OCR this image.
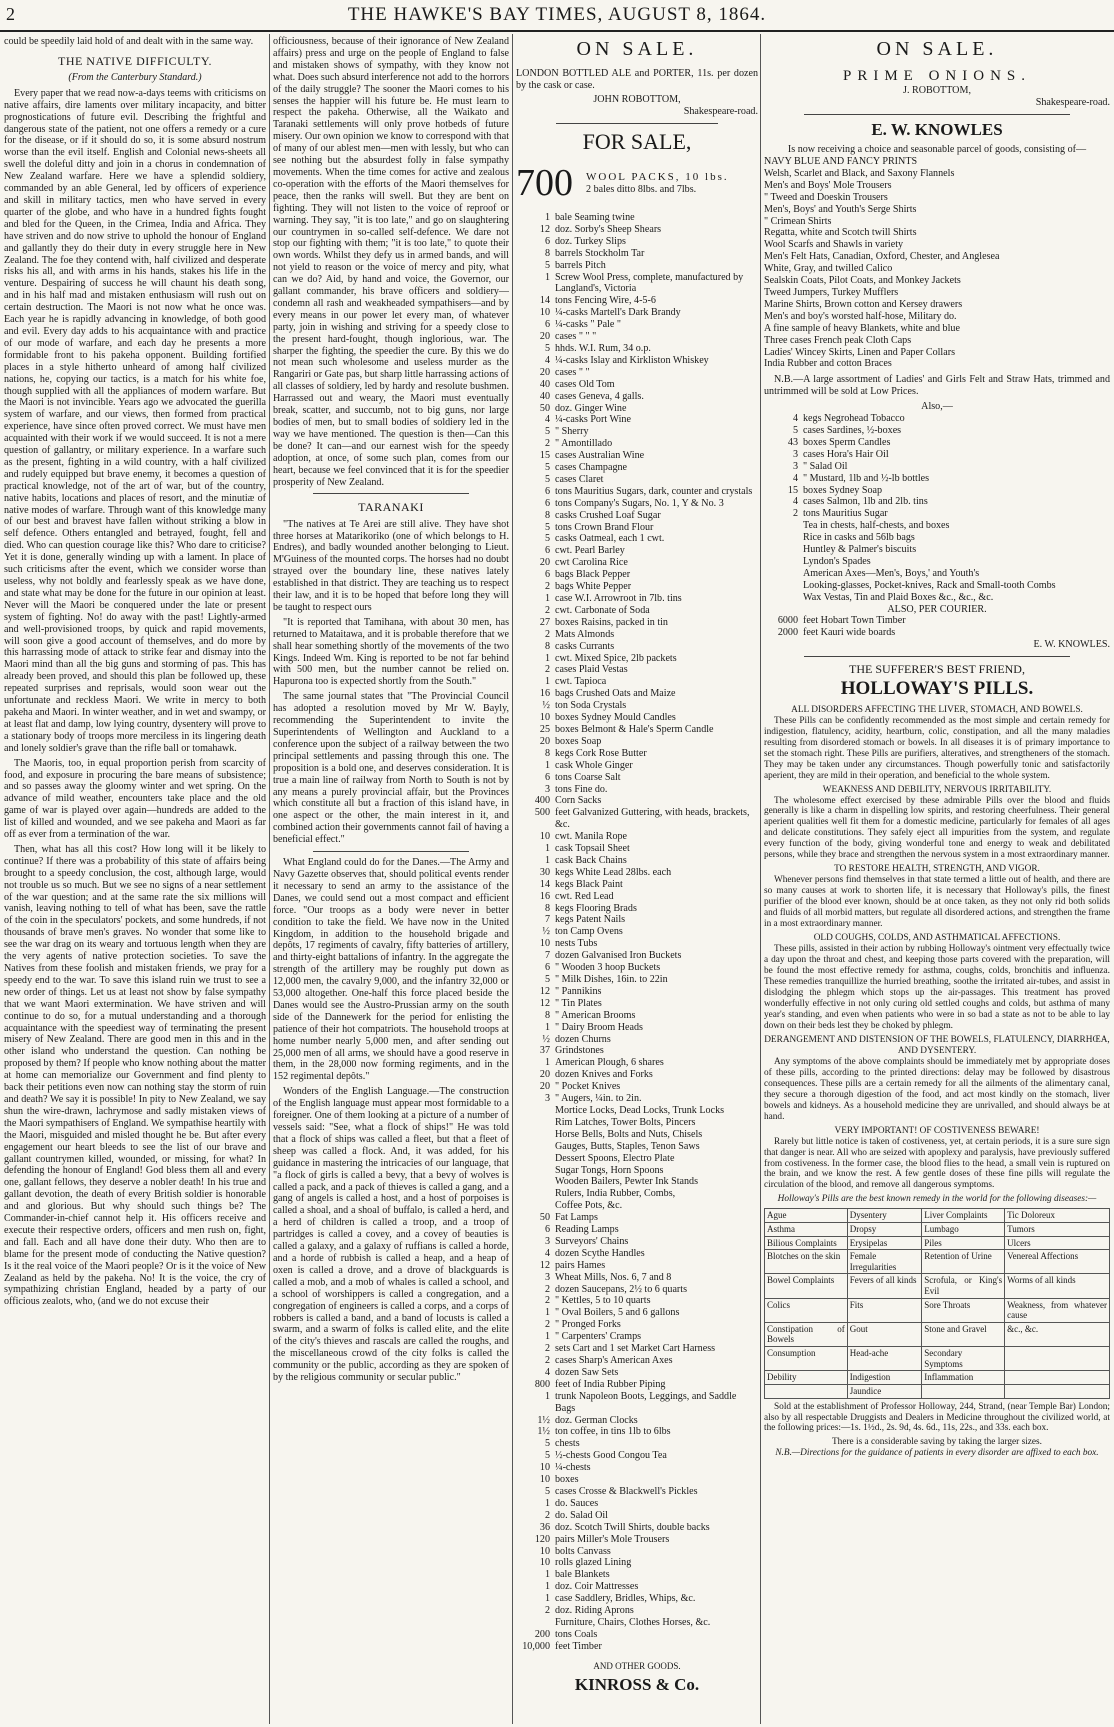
2	THE HAWKE'S BAY TIMES, AUGUST 8, 1864.

could be speedily laid hold of and dealt with in the same way.

THE NATIVE DIFFICULTY.
(From the Canterbury Standard.)

Every paper that we read now-a-days teems with criticisms on native affairs, dire laments over military incapacity, and bitter prognostications of future evil. Describing the frightful and dangerous state of the patient, not one offers a remedy or a cure for the disease, or if it should do so, it is some absurd nostrum worse than the evil itself. English and Colonial news-sheets all swell the doleful ditty and join in a chorus in condemnation of New Zealand warfare. Here we have a splendid soldiery, commanded by an able General, led by officers of experience and skill in military tactics, men who have served in every quarter of the globe, and who have in a hundred fights fought and bled for the Queen, in the Crimea, India and Africa. They have striven and do now strive to uphold the honour of England and gallantly they do their duty in every struggle here in New Zealand. The foe they contend with, half civilized and desperate risks his all, and with arms in his hands, stakes his life in the venture. Despairing of success he will chaunt his death song, and in his half mad and mistaken enthusiasm will rush out on certain destruction. The Maori is not now what he once was. Each year he is rapidly advancing in knowledge, of both good and evil. Every day adds to his acquaintance with and practice of our mode of warfare, and each day he presents a more formidable front to his pakeha opponent. Building fortified places in a style hitherto unheard of among half civilized nations, he, copying our tactics, is a match for his white foe, though supplied with all the appliances of modern warfare. But the Maori is not invincible. Years ago we advocated the guerilla system of warfare, and our views, then formed from practical experience, have since often proved correct. We must have men acquainted with their work if we would succeed. It is not a mere question of gallantry, or military experience. In a warfare such as the present, fighting in a wild country, with a half civilized and rudely equipped but brave enemy, it becomes a question of practical knowledge, not of the art of war, but of the country, native habits, locations and places of resort, and the minutiæ of native modes of warfare. Through want of this knowledge many of our best and bravest have fallen without striking a blow in self defence. Others entangled and betrayed, fought, fell and died. Who can question courage like this? Who dare to criticise? Yet it is done, generally winding up with a lament. In place of such criticisms after the event, which we consider worse than useless, why not boldly and fearlessly speak as we have done, and state what may be done for the future in our opinion at least. Never will the Maori be conquered under the late or present system of fighting. No! do away with the past! Lightly-armed and well-provisioned troops, by quick and rapid movements, will soon give a good account of themselves, and do more by this harrassing mode of attack to strike fear and dismay into the Maori mind than all the big guns and storming of pas. This has already been proved, and should this plan be followed up, these repeated surprises and reprisals, would soon wear out the unfortunate and reckless Maori. We write in mercy to both pakeha and Maori. In winter weather, and in wet and swampy, or at least flat and damp, low lying country, dysentery will prove to a stationary body of troops more merciless in its lingering death and lonely soldier's grave than the rifle ball or tomahawk.

The Maoris, too, in equal proportion perish from scarcity of food, and exposure in procuring the bare means of subsistence; and so passes away the gloomy winter and wet spring. On the advance of mild weather, encounters take place and the old game of war is played over again—hundreds are added to the list of killed and wounded, and we see pakeha and Maori as far off as ever from a termination of the war.

Then, what has all this cost? How long will it be likely to continue? If there was a probability of this state of affairs being brought to a speedy conclusion, the cost, although large, would not trouble us so much. But we see no signs of a near settlement of the war question; and at the same rate the six millions will vanish, leaving nothing to tell of what has been, save the rattle of the coin in the speculators' pockets, and some hundreds, if not thousands of brave men's graves. No wonder that some like to see the war drag on its weary and tortuous length when they are the very agents of native protection societies. To save the Natives from these foolish and mistaken friends, we pray for a speedy end to the war. To save this island ruin we trust to see a new order of things. Let us at least not show by false sympathy that we want Maori extermination. We have striven and will continue to do so, for a mutual understanding and a thorough acquaintance with the speediest way of terminating the present misery of New Zealand. There are good men in this and in the other island who understand the question. Can nothing be proposed by them? If people who know nothing about the matter at home can memorialize our Government and find plenty to back their petitions even now can nothing stay the storm of ruin and death? We say it is possible! In pity to New Zealand, we say shun the wire-drawn, lachrymose and sadly mistaken views of the Maori sympathisers of England. We sympathise heartily with the Maori, misguided and misled thought he be. But after every engagement our heart bleeds to see the list of our brave and gallant countrymen killed, wounded, or missing, for what? In defending the honour of England! God bless them all and every one, gallant fellows, they deserve a nobler death! In his true and gallant devotion, the death of every British soldier is honorable and and glorious. But why should such things be? The Commander-in-chief cannot help it. His officers receive and execute their respective orders, officers and men rush on, fight, and fall. Each and all have done their duty. Who then are to blame for the present mode of conducting the Native question? Is it the real voice of the Maori people? Or is it the voice of New Zealand as held by the pakeha. No! It is the voice, the cry of sympathizing christian England, headed by a party of our officious zealots, who, (and we do not excuse their

officiousness, because of their ignorance of New Zealand affairs) press and urge on the people of England to false and mistaken shows of sympathy, with they know not what. Does such absurd interference not add to the horrors of the daily struggle? The sooner the Maori comes to his senses the happier will his future be. He must learn to respect the pakeha. Otherwise, all the Waikato and Taranaki settlements will only prove hotbeds of future misery. Our own opinion we know to correspond with that of many of our ablest men—men with lessly, but who can see nothing but the absurdest folly in false sympathy movements. When the time comes for active and zealous co-operation with the efforts of the Maori themselves for peace, then the ranks will swell. But they are bent on fighting. They will not listen to the voice of reproof or warning. They say, "it is too late," and go on slaughtering our countrymen in so-called self-defence. We dare not stop our fighting with them; "it is too late," to quote their own words. Whilst they defy us in armed bands, and will not yield to reason or the voice of mercy and pity, what can we do? Aid, by hand and voice, the Governor, our gallant commander, his brave officers and soldiery—condemn all rash and weakheaded sympathisers—and by every means in our power let every man, of whatever party, join in wishing and striving for a speedy close to the present hard-fought, though inglorious, war. The sharper the fighting, the speedier the cure. By this we do not mean such wholesome and useless murder as the Rangariri or Gate pas, but sharp little harrassing actions of all classes of soldiery, led by hardy and resolute bushmen. Harrassed out and weary, the Maori must eventually break, scatter, and succumb, not to big guns, nor large bodies of men, but to small bodies of soldiery led in the way we have mentioned. The question is then—Can this be done? It can—and our earnest wish for the speedy adoption, at once, of some such plan, comes from our heart, because we feel convinced that it is for the speedier prosperity of New Zealand.

TARANAKI

"The natives at Te Arei are still alive. They have shot three horses at Matarikoriko (one of which belongs to H. Endres), and badly wounded another belonging to Lieut. M'Guiness of the mounted corps. The horses had no doubt strayed over the boundary line, these natives lately established in that district. They are teaching us to respect their law, and it is to be hoped that before long they will be taught to respect ours

"It is reported that Tamihana, with about 30 men, has returned to Mataitawa, and it is probable therefore that we shall hear something shortly of the movements of the two Kings. Indeed Wm. King is reported to be not far behind with 500 men, but the number cannot be relied on. Hapurona too is expected shortly from the South."

The same journal states that "The Provincial Council has adopted a resolution moved by Mr W. Bayly, recommending the Superintendent to invite the Superintendents of Wellington and Auckland to a conference upon the subject of a railway between the two principal settlements and passing through this one. The proposition is a bold one, and deserves consideration. It is true a main line of railway from North to South is not by any means a purely provincial affair, but the Provinces which constitute all but a fraction of this island have, in one aspect or the other, the main interest in it, and combined action their governments cannot fail of having a beneficial effect."

What England could do for the Danes.—The Army and Navy Gazette observes that, should political events render it necessary to send an army to the assistance of the Danes, we could send out a most compact and efficient force. "Our troops as a body were never in better condition to take the field. We have now in the United Kingdom, in addition to the household brigade and depôts, 17 regiments of cavalry, fifty batteries of artillery, and thirty-eight battalions of infantry. In the aggregate the strength of the artillery may be roughly put down as 12,000 men, the cavalry 9,000, and the infantry 32,000 or 53,000 altogether. One-half this force placed beside the Danes would see the Austro-Prussian army on the south side of the Dannewerk for the period for enlisting the patience of their hot compatriots. The household troops at home number nearly 5,000 men, and after sending out 25,000 men of all arms, we should have a good reserve in them, in the 28,000 now forming regiments, and in the 152 regimental depôts."

Wonders of the English Language.—The construction of the English language must appear most formidable to a foreigner. One of them looking at a picture of a number of vessels said: "See, what a flock of ships!" He was told that a flock of ships was called a fleet, but that a fleet of sheep was called a flock. And, it was added, for his guidance in mastering the intricacies of our language, that "a flock of girls is called a bevy, that a bevy of wolves is called a pack, and a pack of thieves is called a gang, and a gang of angels is called a host, and a host of porpoises is called a shoal, and a shoal of buffalo, is called a herd, and a herd of children is called a troop, and a troop of partridges is called a covey, and a covey of beauties is called a galaxy, and a galaxy of ruffians is called a horde, and a horde of rubbish is called a heap, and a heap of oxen is called a drove, and a drove of blackguards is called a mob, and a mob of whales is called a school, and a school of worshippers is called a congregation, and a congregation of engineers is called a corps, and a corps of robbers is called a band, and a band of locusts is called a swarm, and a swarm of folks is called elite, and the elite of the city's thieves and rascals are called the roughs, and the miscellaneous crowd of the city folks is called the community or the public, according as they are spoken of by the religious community or secular public."

ON SALE.

LONDON BOTTLED ALE and PORTER, 11s. per dozen by the cask or case.

JOHN ROBOTTOM,
Shakespeare-road.
FOR SALE,
700	WOOL PACKS, 10 lbs.
2 bales ditto 8lbs. and 7lbs.
1 bale Seaming twine
12 doz. Sorby's Sheep Shears
6 doz. Turkey Slips
8 barrels Stockholm Tar
5 barrels Pitch
1 Screw Wool Press, complete, manufactured by Langland's, Victoria
14 tons Fencing Wire, 4-5-6
10 ¼-casks Martell's Dark Brandy
6 ¼-casks " Pale "
20 cases " " "
5 hhds. W.I. Rum, 34 o.p.
4 ¼-casks Islay and Kirkliston Whiskey
20 cases " "
40 cases Old Tom
40 cases Geneva, 4 galls.
50 doz. Ginger Wine
4 ¼-casks Port Wine
5 " Sherry
2 " Amontillado
15 cases Australian Wine
5 cases Champagne
5 cases Claret
6 tons Mauritius Sugars, dark, counter and crystals
6 tons Company's Sugars, No. 1, Y & No. 3
8 casks Crushed Loaf Sugar
5 tons Crown Brand Flour
5 casks Oatmeal, each 1 cwt.
6 cwt. Pearl Barley
20 cwt Carolina Rice
6 bags Black Pepper
2 bags White Pepper
1 case W.I. Arrowroot in 7lb. tins
2 cwt. Carbonate of Soda
27 boxes Raisins, packed in tin
2 Mats Almonds
8 casks Currants
1 cwt. Mixed Spice, 2lb packets
2 cases Plaid Vestas
1 cwt. Tapioca
16 bags Crushed Oats and Maize
½ ton Soda Crystals
10 boxes Sydney Mould Candles
25 boxes Belmont & Hale's Sperm Candle
20 boxes Soap
8 kegs Cork Rose Butter
1 cask Whole Ginger
6 tons Coarse Salt
3 tons Fine do.
400 Corn Sacks
500 feet Galvanized Guttering, with heads, brackets, &c.
10 cwt. Manila Rope
1 cask Topsail Sheet
1 cask Back Chains
30 kegs White Lead 28lbs. each
14 kegs Black Paint
16 cwt. Red Lead
8 kegs Flooring Brads
7 kegs Patent Nails
½ ton Camp Ovens
10 nests Tubs
7 dozen Galvanised Iron Buckets
6 " Wooden 3 hoop Buckets
5 " Milk Dishes, 16in. to 22in
12 " Pannikins
12 " Tin Plates
8 " American Brooms
1 " Dairy Broom Heads
½ dozen Churns
37 Grindstones
1 American Plough, 6 shares
20 dozen Knives and Forks
20 " Pocket Knives
3 " Augers, ¼in. to 2in.
Mortice Locks, Dead Locks, Trunk Locks
Rim Latches, Tower Bolts, Pincers
Horse Bells, Bolts and Nuts, Chisels
Gauges, Butts, Staples, Tenon Saws
Dessert Spoons, Electro Plate
Sugar Tongs, Horn Spoons
Wooden Bailers, Pewter Ink Stands
Rulers, India Rubber, Combs,
Coffee Pots, &c.
50 Fat Lamps
6 Reading Lamps
3 Surveyors' Chains
4 dozen Scythe Handles
12 pairs Hames
3 Wheat Mills, Nos. 6, 7 and 8
2 dozen Saucepans, 2½ to 6 quarts
2 " Kettles, 5 to 10 quarts
1 " Oval Boilers, 5 and 6 gallons
2 " Pronged Forks
1 " Carpenters' Cramps
2 sets Cart and 1 set Market Cart Harness
2 cases Sharp's American Axes
4 dozen Saw Sets
800 feet of India Rubber Piping
1 trunk Napoleon Boots, Leggings, and Saddle Bags
1½ doz. German Clocks
1½ ton coffee, in tins 1lb to 6lbs
5 chests
5 ½-chests Good Congou Tea
10 ¼-chests
10 boxes
5 cases Crosse & Blackwell's Pickles
1 do. Sauces
2 do. Salad Oil
36 doz. Scotch Twill Shirts, double backs
120 pairs Miller's Mole Trousers
10 bolts Canvass
10 rolls glazed Lining
1 bale Blankets
1 doz. Coir Mattresses
1 case Saddlery, Bridles, Whips, &c.
2 doz. Riding Aprons
Furniture, Chairs, Clothes Horses, &c.
200 tons Coals
10,000 feet Timber
AND OTHER GOODS.
KINROSS & Co.
ON SALE.
PRIME ONIONS.
J. ROBOTTOM,
Shakespeare-road.
E. W. KNOWLES
Is now receiving a choice and seasonable parcel of goods, consisting of—
NAVY BLUE AND FANCY PRINTS
Welsh, Scarlet and Black, and Saxony Flannels
Men's and Boys' Mole Trousers
" Tweed and Doeskin Trousers
Men's, Boys' and Youth's Serge Shirts
" Crimean Shirts
Regatta, white and Scotch twill Shirts
Wool Scarfs and Shawls in variety
Men's Felt Hats, Canadian, Oxford, Chester, and Anglesea
White, Gray, and twilled Calico
Sealskin Coats, Pilot Coats, and Monkey Jackets
Tweed Jumpers, Turkey Mufflers
Marine Shirts, Brown cotton and Kersey drawers
Men's and boy's worsted half-hose, Military do.
A fine sample of heavy Blankets, white and blue
Three cases French peak Cloth Caps
Ladies' Wincey Skirts, Linen and Paper Collars
India Rubber and cotton Braces

N.B.—A large assortment of Ladies' and Girls Felt and Straw Hats, trimmed and untrimmed will be sold at Low Prices.

Also,—
4 kegs Negrohead Tobacco
5 cases Sardines, ½-boxes
43 boxes Sperm Candles
3 cases Hora's Hair Oil
3 " Salad Oil
4 " Mustard, 1lb and ½-lb bottles
15 boxes Sydney Soap
4 cases Salmon, 1lb and 2lb. tins
2 tons Mauritius Sugar
Tea in chests, half-chests, and boxes
Rice in casks and 56lb bags
Huntley & Palmer's biscuits
Lyndon's Spades
American Axes—Men's, Boys,' and Youth's
Looking-glasses, Pocket-knives, Rack and Small-tooth Combs
Wax Vestas, Tin and Plaid Boxes &c., &c., &c.
ALSO, PER COURIER.
6000 feet Hobart Town Timber
2000 feet Kauri wide boards
E. W. KNOWLES.
THE SUFFERER'S BEST FRIEND,
HOLLOWAY'S PILLS.
ALL DISORDERS AFFECTING THE LIVER, STOMACH, AND BOWELS.

These Pills can be confidently recommended as the most simple and certain remedy for indigestion, flatulency, acidity, heartburn, colic, constipation, and all the many maladies resulting from disordered stomach or bowels. In all diseases it is of primary importance to set the stomach right. These Pills are purifiers, alteratives, and strengtheners of the stomach. They may be taken under any circumstances. Though powerfully tonic and satisfactorily aperient, they are mild in their operation, and beneficial to the whole system.

WEAKNESS AND DEBILITY, NERVOUS IRRITABILITY.

The wholesome effect exercised by these admirable Pills over the blood and fluids generally is like a charm in dispelling low spirits, and restoring cheerfulness. Their general aperient qualities well fit them for a domestic medicine, particularly for females of all ages and delicate constitutions. They safely eject all impurities from the system, and regulate every function of the body, giving wonderful tone and energy to weak and debilitated persons, while they brace and strengthen the nervous system in a most extraordinary manner.

TO RESTORE HEALTH, STRENGTH, AND VIGOR.

Whenever persons find themselves in that state termed a little out of health, and there are so many causes at work to shorten life, it is necessary that Holloway's pills, the finest purifier of the blood ever known, should be at once taken, as they not only rid both solids and fluids of all morbid matters, but regulate all disordered actions, and strengthen the frame in a most extraordinary manner.

OLD COUGHS, COLDS, AND ASTHMATICAL AFFECTIONS.

These pills, assisted in their action by rubbing Holloway's ointment very effectually twice a day upon the throat and chest, and keeping those parts covered with the preparation, will be found the most effective remedy for asthma, coughs, colds, bronchitis and influenza. These remedies tranquillize the hurried breathing, soothe the irritated air-tubes, and assist in dislodging the phlegm which stops up the air-passages. This treatment has proved wonderfully effective in not only curing old settled coughs and colds, but asthma of many year's standing, and even when patients who were in so bad a state as not to be able to lay down on their beds lest they be choked by phlegm.

DERANGEMENT AND DISTENSION OF THE BOWELS, FLATULENCY, DIARRHŒA, AND DYSENTERY.

Any symptoms of the above complaints should be immediately met by appropriate doses of these pills, according to the printed directions: delay may be followed by disastrous consequences. These pills are a certain remedy for all the ailments of the alimentary canal, they secure a thorough digestion of the food, and act most kindly on the stomach, liver bowels and kidneys. As a household medicine they are unrivalled, and should always be at hand.

VERY IMPORTANT! OF COSTIVENESS BEWARE!

Rarely but little notice is taken of costiveness, yet, at certain periods, it is a sure sure sign that danger is near. All who are seized with apoplexy and paralysis, have previously suffered from costiveness. In the former case, the blood flies to the head, a small vein is ruptured on the brain, and we know the rest. A few gentle doses of these fine pills will regulate the circulation of the blood, and remove all dangerous symptoms.

Holloway's Pills are the best known remedy in the world for the following diseases:—
Ague	Dysentery	Liver Complaints	Tic Doloreux
Asthma	Dropsy	Lumbago	Tumors
Bilious Complaints	Erysipelas	Piles	Ulcers
Blotches on the skin	Female Irregularities	Retention of Urine	Venereal Affections
Bowel Complaints	Fevers of all kinds	Scrofula, or King's Evil	Worms of all kinds
Colics	Fits	Sore Throats	Weakness, from whatever cause
Constipation of Bowels	Gout	Stone and Gravel	&c., &c.
Consumption	Head-ache	Secondary Symptoms	
Debility	Indigestion	Inflammation	
	Jaundice		

Sold at the establishment of Professor Holloway, 244, Strand, (near Temple Bar) London; also by all respectable Druggists and Dealers in Medicine throughout the civilized world, at the following prices:—1s. 1½d., 2s. 9d, 4s. 6d., 11s, 22s., and 33s. each box.

There is a considerable saving by taking the larger sizes.
N.B.—Directions for the guidance of patients in every disorder are affixed to each box.
